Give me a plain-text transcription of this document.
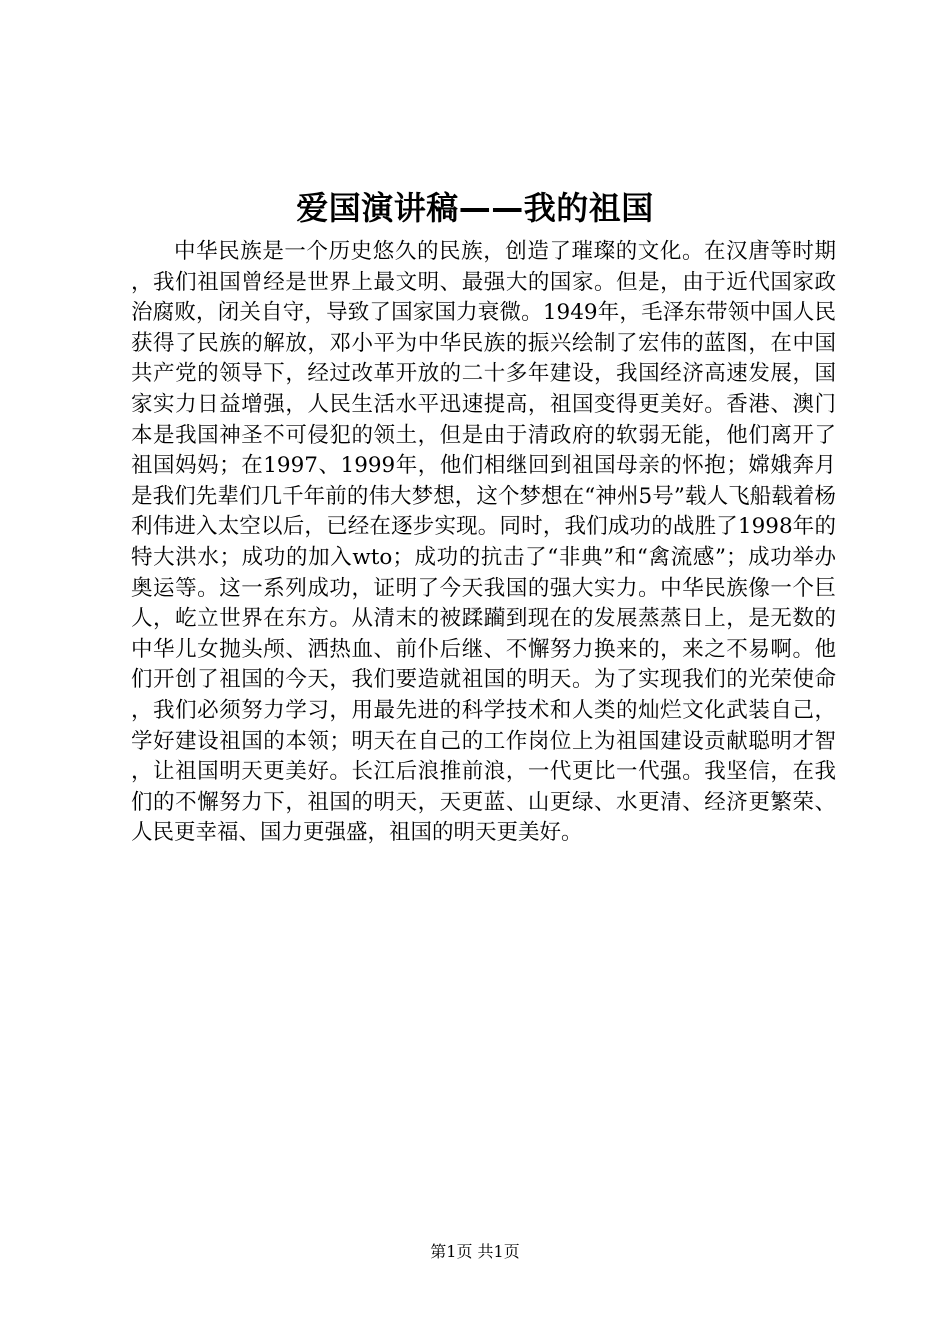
爱国演讲稿——我的祖国

中华民族是一个历史悠久的民族，创造了璀璨的文化。在汉唐等时期，我们祖国曾经是世界上最文明、最强大的国家。但是，由于近代国家政治腐败，闭关自守，导致了国家国力衰微。1949年，毛泽东带领中国人民获得了民族的解放，邓小平为中华民族的振兴绘制了宏伟的蓝图，在中国共产党的领导下，经过改革开放的二十多年建设，我国经济高速发展，国家实力日益增强，人民生活水平迅速提高，祖国变得更美好。香港、澳门本是我国神圣不可侵犯的领土，但是由于清政府的软弱无能，他们离开了祖国妈妈；在1997、1999年，他们相继回到祖国母亲的怀抱；嫦娥奔月是我们先辈们几千年前的伟大梦想，这个梦想在“神州5号”载人飞船载着杨利伟进入太空以后，已经在逐步实现。同时，我们成功的战胜了1998年的特大洪水；成功的加入wto；成功的抗击了“非典”和“禽流感”；成功举办奥运等。这一系列成功，证明了今天我国的强大实力。中华民族像一个巨人，屹立世界在东方。从清末的被蹂躏到现在的发展蒸蒸日上，是无数的中华儿女抛头颅、洒热血、前仆后继、不懈努力换来的，来之不易啊。他们开创了祖国的今天，我们要造就祖国的明天。为了实现我们的光荣使命，我们必须努力学习，用最先进的科学技术和人类的灿烂文化武装自己，学好建设祖国的本领；明天在自己的工作岗位上为祖国建设贡献聪明才智，让祖国明天更美好。长江后浪推前浪，一代更比一代强。我坚信，在我们的不懈努力下，祖国的明天，天更蓝、山更绿、水更清、经济更繁荣、人民更幸福、国力更强盛，祖国的明天更美好。

第1页 共1页
